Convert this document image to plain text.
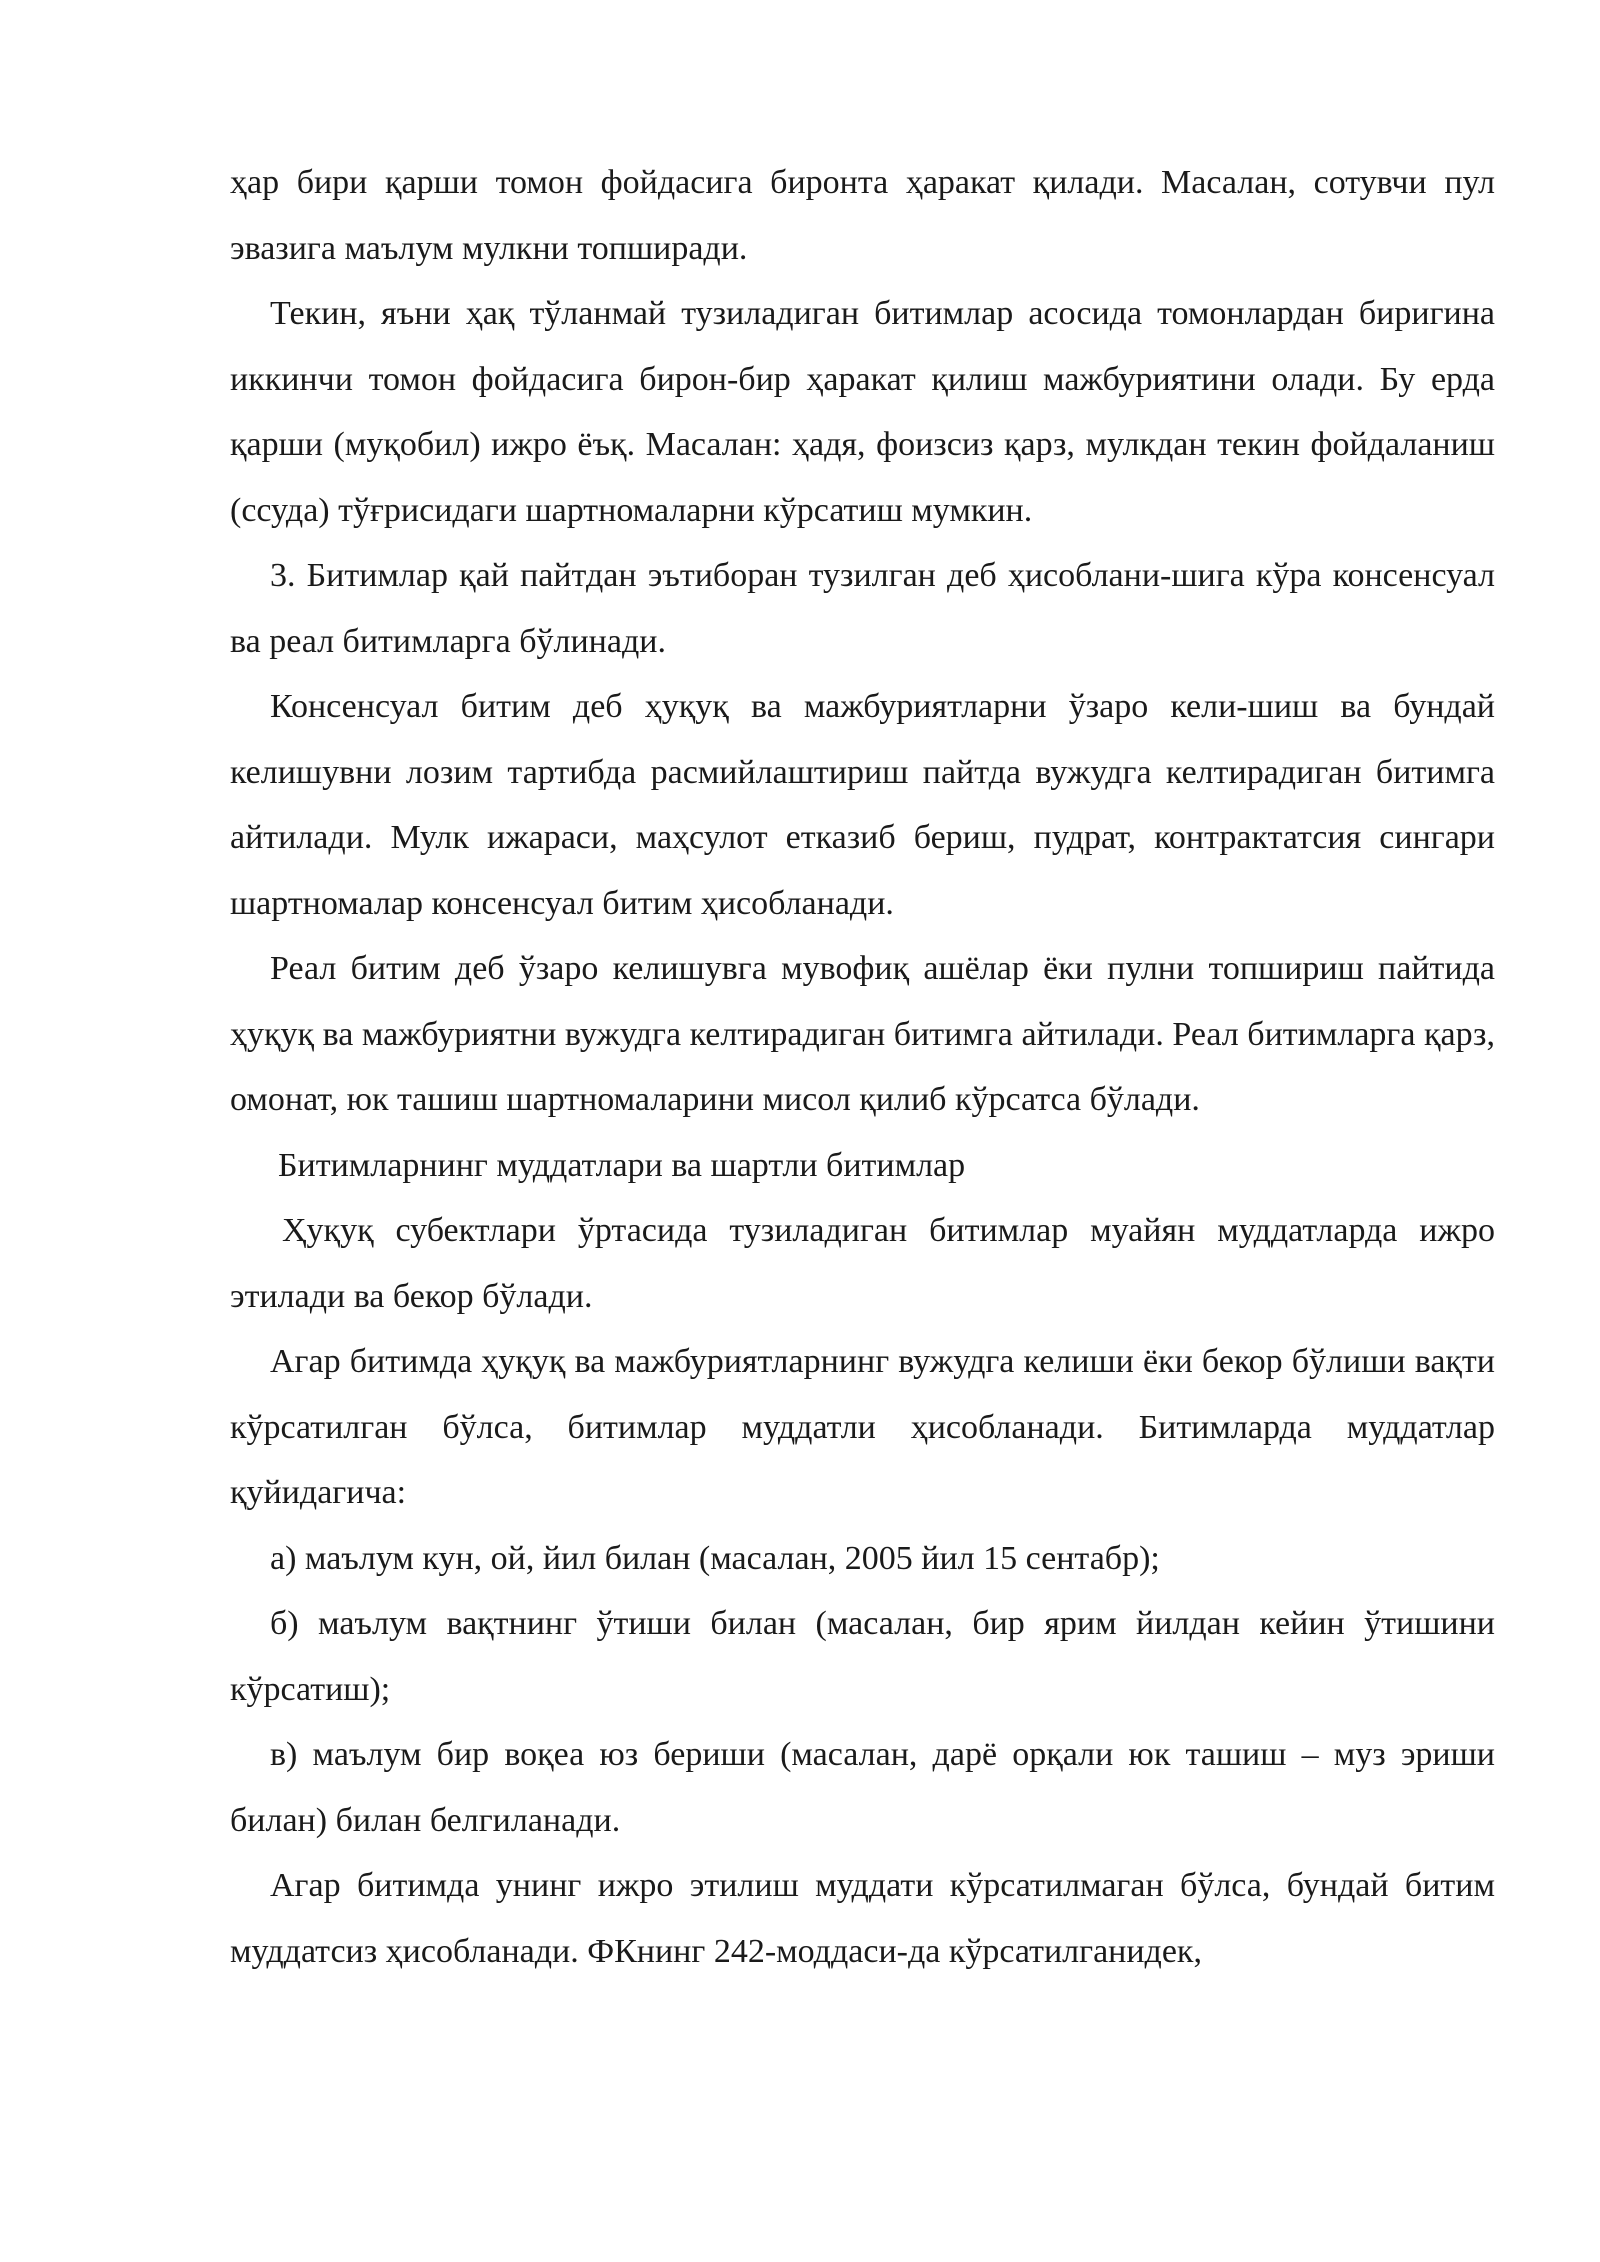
ҳар бири қарши томон фойдасига бирoнта ҳаракат қилади. Масалан, сотувчи пул эвазига маълум мулкни топширади.

Текин, яъни ҳақ тўланмай тузиладиган битимлар асосида томонлардан биригина иккинчи томон фойдасига бирон-бир ҳаракат қилиш мажбуриятини олади. Бу ерда қарши (муқобил) ижро ёъқ. Масалан: ҳадя, фоизсиз қарз, мулкдан текин фойдаланиш (ссуда) тўғрисидаги шартномаларни кўрсатиш мумкин.

3. Битимлар қай пайтдан эътиборан тузилган деб ҳисоблани-шига кўра консенсуал ва реал битимларга бўлинади.

Консенсуал битим деб ҳуқуқ ва мажбуриятларни ўзаро кели-шиш ва бундай келишувни лозим тартибда расмийлаштириш пайтда вужудга келтирадиган битимга айтилади. Мулк ижараси, маҳсулот етказиб бериш, пудрат, контрактатсия сингари шартномалар консенсуал битим ҳисобланади.

Реал битим деб ўзаро келишувга мувофиқ ашёлар ёки пулни топшириш пайтида ҳуқуқ ва мажбуриятни вужудга келтирадиган битимга айтилади. Реал битимларга қарз, омонат, юк ташиш шартномаларини мисол қилиб кўрсатса бўлади.

Битимларнинг муддатлари ва шартли битимлар

Ҳуқуқ субектлари ўртасида тузиладиган битимлар муайян муддатларда ижро этилади ва бекор бўлади.

Агар битимда ҳуқуқ ва мажбуриятларнинг вужудга келиши ёки бекор бўлиши вақти кўрсатилган бўлса, битимлар муддатли ҳисобланади. Битимларда муддатлар қуйидагича:

а) маълум кун, ой, йил билан (масалан, 2005 йил 15 сентабр);

б) маълум вақтнинг ўтиши билан (масалан, бир ярим йилдан кейин ўтишини кўрсатиш);

в) маълум бир воқеа юз бериши (масалан, дарё орқали юк ташиш – муз эриши билан) билан белгиланади.

Агар битимда унинг ижро этилиш муддати кўрсатилмаган бўлса, бундай битим муддатсиз ҳисобланади. ФКнинг 242-моддаси-да кўрсатилганидек,
